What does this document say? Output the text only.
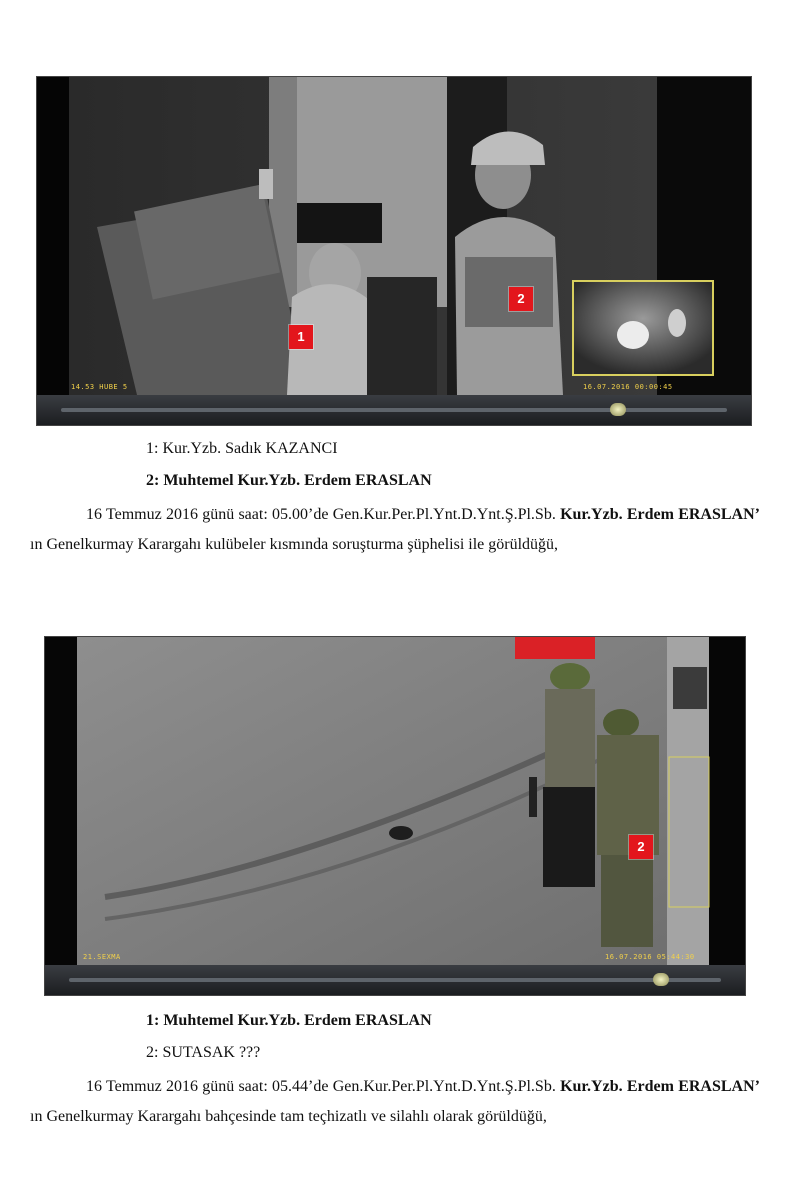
1
2
14.53 HUBE 5	16.07.2016 00:00:45
1: Kur.Yzb. Sadık KAZANCI
2: Muhtemel Kur.Yzb. Erdem ERASLAN
16 Temmuz 2016 günü saat: 05.00’de Gen.Kur.Per.Pl.Ynt.D.Ynt.Ş.Pl.Sb. Kur.Yzb. Erdem ERASLAN’ ın Genelkurmay Karargahı kulübeler kısmında soruşturma şüphelisi ile görüldüğü,
2
21.SEXMA	16.07.2016 05:44:30
1: Muhtemel Kur.Yzb. Erdem ERASLAN
2: SUTASAK ???
16 Temmuz 2016 günü saat: 05.44’de Gen.Kur.Per.Pl.Ynt.D.Ynt.Ş.Pl.Sb. Kur.Yzb. Erdem ERASLAN’ ın Genelkurmay Karargahı bahçesinde tam teçhizatlı ve silahlı olarak görüldüğü,
